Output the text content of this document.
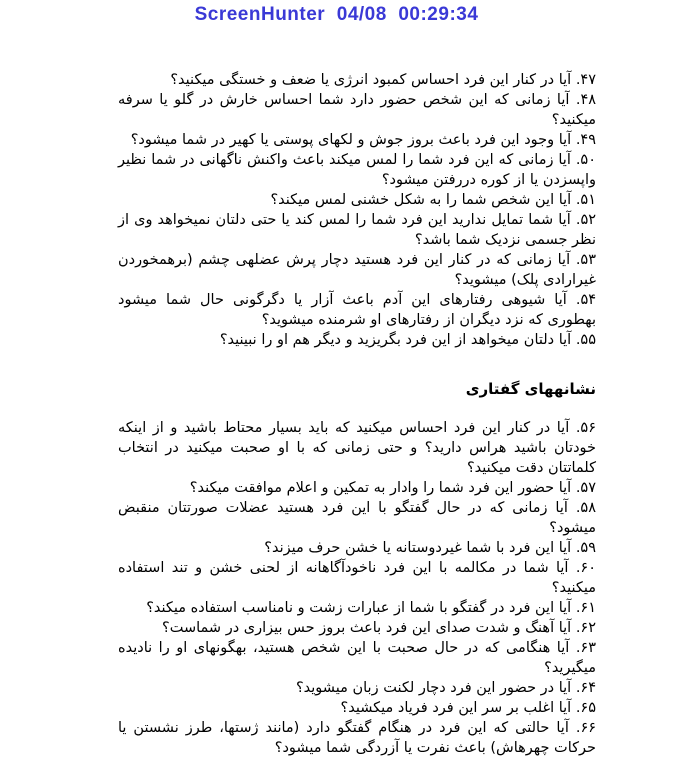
ScreenHunter  04/08  00:29:34

۴۷. آیا در کنار این فرد احساس کمبود انرژی یا ضعف و خستگی میکنید؟

۴۸. آیا زمانی که این شخص حضور دارد شما احساس خارش در گلو یا سرفه میکنید؟

۴۹. آیا وجود این فرد باعث بروز جوش و لکهای پوستی یا کهیر در شما میشود؟

۵۰. آیا زمانی که این فرد شما را لمس میکند باعث واکنش ناگهانی در شما نظیر واپسزدن یا از کوره دررفتن میشود؟

۵۱. آیا این شخص شما را به شکل خشنی لمس میکند؟

۵۲. آیا شما تمایل ندارید این فرد شما را لمس کند یا حتی دلتان نمیخواهد وی از نظر جسمی نزدیک شما باشد؟

۵۳. آیا زمانی که در کنار این فرد هستید دچار پرش عضلهی چشم (برهمخوردن غیرارادی پلک) میشوید؟

۵۴. آیا شیوهی رفتارهای این آدم باعث آزار یا دگرگونی حال شما میشود بهطوری که نزد دیگران از رفتارهای او شرمنده میشوید؟

۵۵. آیا دلتان میخواهد از این فرد بگریزید و دیگر هم او را نبینید؟

نشانههای گفتاری

۵۶. آیا در کنار این فرد احساس میکنید که باید بسیار محتاط باشید و از اینکه خودتان باشید هراس دارید؟ و حتی زمانی که با او صحبت میکنید در انتخاب کلماتتان دقت میکنید؟

۵۷. آیا حضور این فرد شما را وادار به تمکین و اعلام موافقت میکند؟

۵۸. آیا زمانی که در حال گفتگو با این فرد هستید عضلات صورتتان منقبض میشود؟

۵۹. آیا این فرد با شما غیردوستانه یا خشن حرف میزند؟

۶۰. آیا شما در مکالمه با این فرد ناخودآگاهانه از لحنی خشن و تند استفاده میکنید؟

۶۱. آیا این فرد در گفتگو با شما از عبارات زشت و نامناسب استفاده میکند؟

۶۲. آیا آهنگ و شدت صدای این فرد باعث بروز حس بیزاری در شماست؟

۶۳. آیا هنگامی که در حال صحبت با این شخص هستید، بهگونهای او را نادیده میگیرید؟

۶۴. آیا در حضور این فرد دچار لکنت زبان میشوید؟

۶۵. آیا اغلب بر سر این فرد فریاد میکشید؟

۶۶. آیا حالتی که این فرد در هنگام گفتگو دارد (مانند ژستها، طرز نشستن یا حرکات چهرهاش) باعث نفرت یا آزردگی شما میشود؟
